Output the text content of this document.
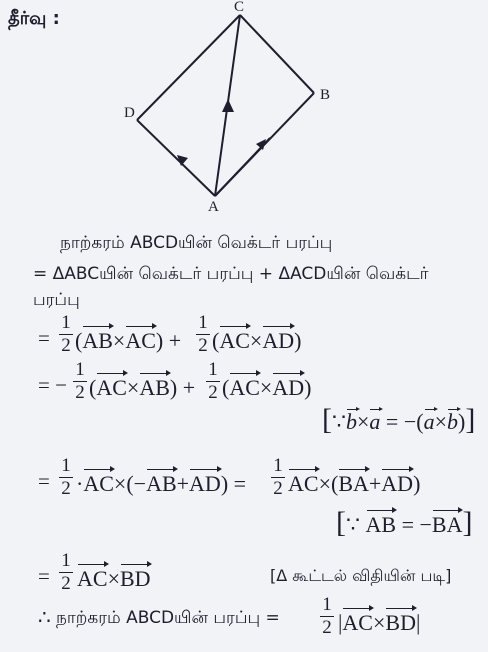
தீர்வு :
C
B
D
A
நாற்கரம் ABCDயின் வெக்டர் பரப்பு
= ΔABCயின் வெக்டர் பரப்பு + ΔACDயின் வெக்டர்
பரப்பு
=
1
2 (AB×AC) +
1
2 (AC×AD)
= −
1
2 (AC×AB) +
1
2 (AC×AD)
[∵b×a = −(a×b)]
=
1
2 ·AC×(−AB+AD) =
1
2 AC×(BA+AD)
[∵ AB = −BA]
=
1
2 AC×BD	[Δ கூட்டல் விதியின் படி]
∴ நாற்கரம் ABCDயின் பரப்பு =
1
2 |AC×BD|
